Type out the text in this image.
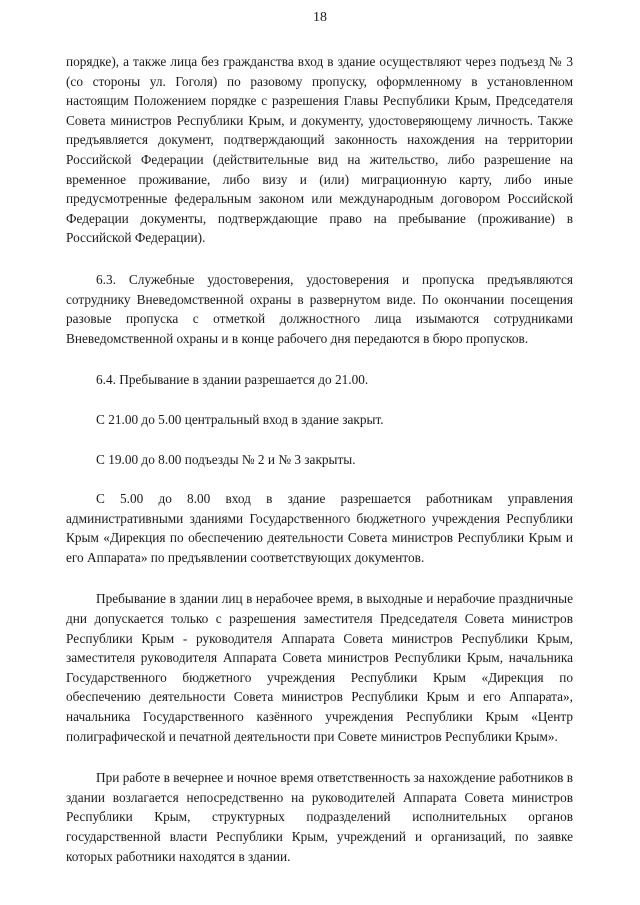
18

порядке), а также лица без гражданства вход в здание осуществляют через подъезд № 3 (со стороны ул. Гоголя) по разовому пропуску, оформленному в установленном настоящим Положением порядке с разрешения Главы Республики Крым, Председателя Совета министров Республики Крым, и документу, удостоверяющему личность. Также предъявляется документ, подтверждающий законность нахождения на территории Российской Федерации (действительные вид на жительство, либо разрешение на временное проживание, либо визу и (или) миграционную карту, либо иные предусмотренные федеральным законом или международным договором Российской Федерации документы, подтверждающие право на пребывание (проживание) в Российской Федерации).

6.3. Служебные удостоверения, удостоверения и пропуска предъявляются сотруднику Вневедомственной охраны в развернутом виде. По окончании посещения разовые пропуска с отметкой должностного лица изымаются сотрудниками Вневедомственной охраны и в конце рабочего дня передаются в бюро пропусков.

6.4. Пребывание в здании разрешается до 21.00.

С 21.00 до 5.00 центральный вход в здание закрыт.

С 19.00 до 8.00 подъезды № 2 и № 3 закрыты.

С 5.00 до 8.00 вход в здание разрешается работникам управления административными зданиями Государственного бюджетного учреждения Республики Крым «Дирекция по обеспечению деятельности Совета министров Республики Крым и его Аппарата» по предъявлении соответствующих документов.

Пребывание в здании лиц в нерабочее время, в выходные и нерабочие праздничные дни допускается только с разрешения заместителя Председателя Совета министров Республики Крым - руководителя Аппарата Совета министров Республики Крым, заместителя руководителя Аппарата Совета министров Республики Крым, начальника Государственного бюджетного учреждения Республики Крым «Дирекция по обеспечению деятельности Совета министров Республики Крым и его Аппарата», начальника Государственного казённого учреждения Республики Крым «Центр полиграфической и печатной деятельности при Совете министров Республики Крым».

При работе в вечернее и ночное время ответственность за нахождение работников в здании возлагается непосредственно на руководителей Аппарата Совета министров Республики Крым, структурных подразделений исполнительных органов государственной власти Республики Крым, учреждений и организаций, по заявке которых работники находятся в здании.
